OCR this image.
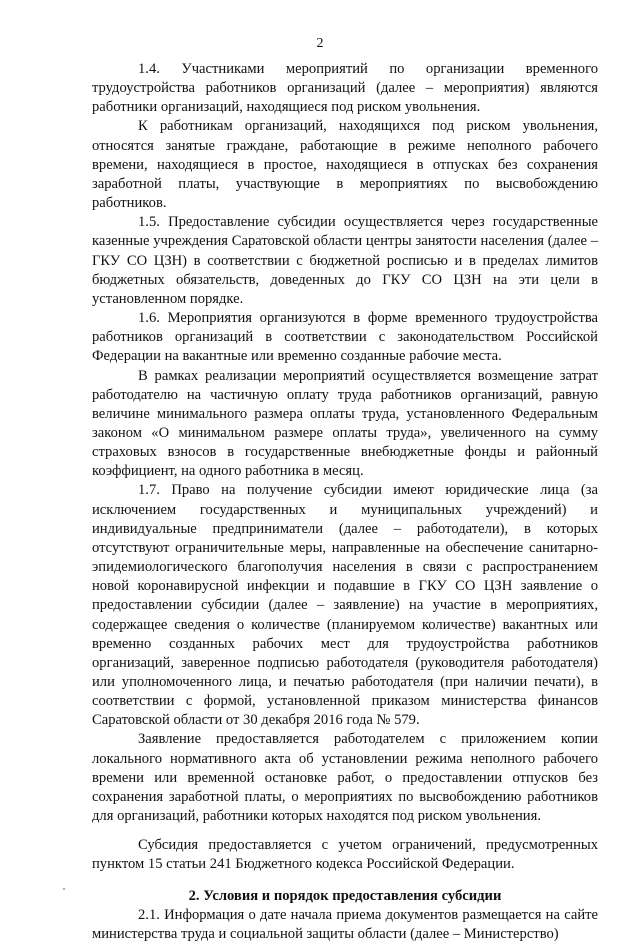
2

1.4. Участниками мероприятий по организации временного трудоустройства работников организаций (далее – мероприятия) являются работники организаций, находящиеся под риском увольнения.

К работникам организаций, находящихся под риском увольнения, относятся занятые граждане, работающие в режиме неполного рабочего времени, находящиеся в простое, находящиеся в отпусках без сохранения заработной платы, участвующие в мероприятиях по высвобождению работников.

1.5. Предоставление субсидии осуществляется через государственные казенные учреждения Саратовской области центры занятости населения (далее – ГКУ СО ЦЗН) в соответствии с бюджетной росписью и в пределах лимитов бюджетных обязательств, доведенных до ГКУ СО ЦЗН на эти цели в установленном порядке.

1.6. Мероприятия организуются в форме временного трудоустройства работников организаций в соответствии с законодательством Российской Федерации на вакантные или временно созданные рабочие места.

В рамках реализации мероприятий осуществляется возмещение затрат работодателю на частичную оплату труда работников организаций, равную величине минимального размера оплаты труда, установленного Федеральным законом «О минимальном размере оплаты труда», увеличенного на сумму страховых взносов в государственные внебюджетные фонды и районный коэффициент, на одного работника в месяц.

1.7. Право на получение субсидии имеют юридические лица (за исключением государственных и муниципальных учреждений) и индивидуальные предприниматели (далее – работодатели), в которых отсутствуют ограничительные меры, направленные на обеспечение санитарно-эпидемиологического благополучия населения в связи с распространением новой коронавирусной инфекции и подавшие в ГКУ СО ЦЗН заявление о предоставлении субсидии (далее – заявление) на участие в мероприятиях, содержащее сведения о количестве (планируемом количестве) вакантных или временно созданных рабочих мест для трудоустройства работников организаций, заверенное подписью работодателя (руководителя работодателя) или уполномоченного лица, и печатью работодателя (при наличии печати), в соответствии с формой, установленной приказом министерства финансов Саратовской области от 30 декабря 2016 года № 579.

Заявление предоставляется работодателем с приложением копии локального нормативного акта об установлении режима неполного рабочего времени или временной остановке работ, о предоставлении отпусков без сохранения заработной платы, о мероприятиях по высвобождению работников для организаций, работники которых находятся под риском увольнения.

Субсидия предоставляется с учетом ограничений, предусмотренных пунктом 15 статьи 241 Бюджетного кодекса Российской Федерации.

2. Условия и порядок предоставления субсидии

2.1. Информация о дате начала приема документов размещается на сайте министерства труда и социальной защиты области (далее – Министерство)
